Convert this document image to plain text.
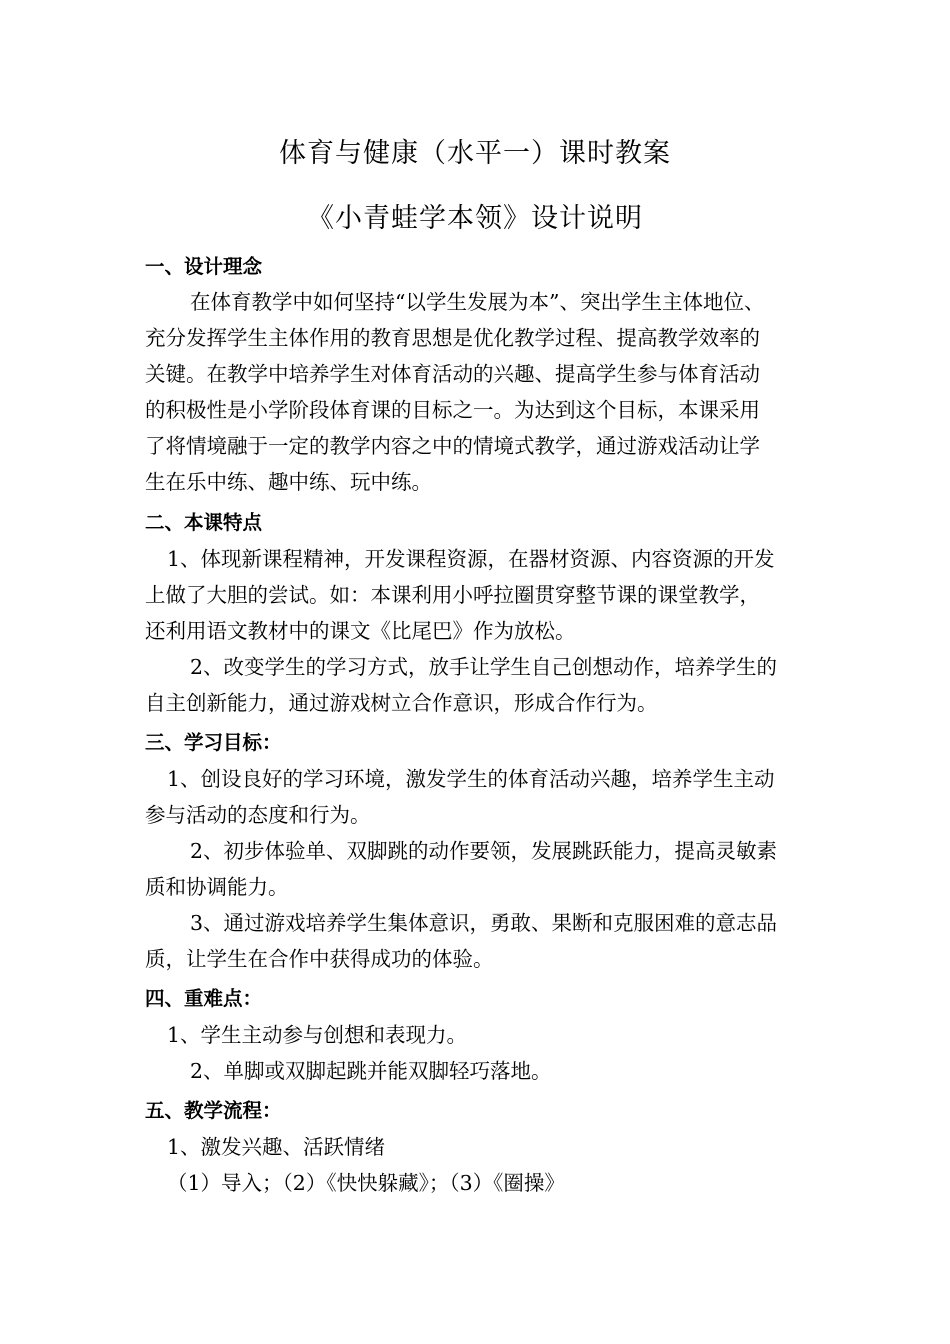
体育与健康（水平一）课时教案
《小青蛙学本领》设计说明
一、设计理念
在体育教学中如何坚持“以学生发展为本”、突出学生主体地位、
充分发挥学生主体作用的教育思想是优化教学过程、提高教学效率的
关键。在教学中培养学生对体育活动的兴趣、提高学生参与体育活动
的积极性是小学阶段体育课的目标之一。为达到这个目标，本课采用
了将情境融于一定的教学内容之中的情境式教学，通过游戏活动让学
生在乐中练、趣中练、玩中练。
二、本课特点
1、体现新课程精神，开发课程资源，在器材资源、内容资源的开发
上做了大胆的尝试。如：本课利用小呼拉圈贯穿整节课的课堂教学，
还利用语文教材中的课文《比尾巴》作为放松。
2、改变学生的学习方式，放手让学生自己创想动作，培养学生的
自主创新能力，通过游戏树立合作意识，形成合作行为。
三、学习目标：
1、创设良好的学习环境，激发学生的体育活动兴趣，培养学生主动
参与活动的态度和行为。
2、初步体验单、双脚跳的动作要领，发展跳跃能力，提高灵敏素
质和协调能力。
3、通过游戏培养学生集体意识，勇敢、果断和克服困难的意志品
质，让学生在合作中获得成功的体验。
四、重难点：
1、学生主动参与创想和表现力。
2、单脚或双脚起跳并能双脚轻巧落地。
五、教学流程：
1、激发兴趣、活跃情绪
（1）导入；（2）《快快躲藏》；（3）《圈操》
